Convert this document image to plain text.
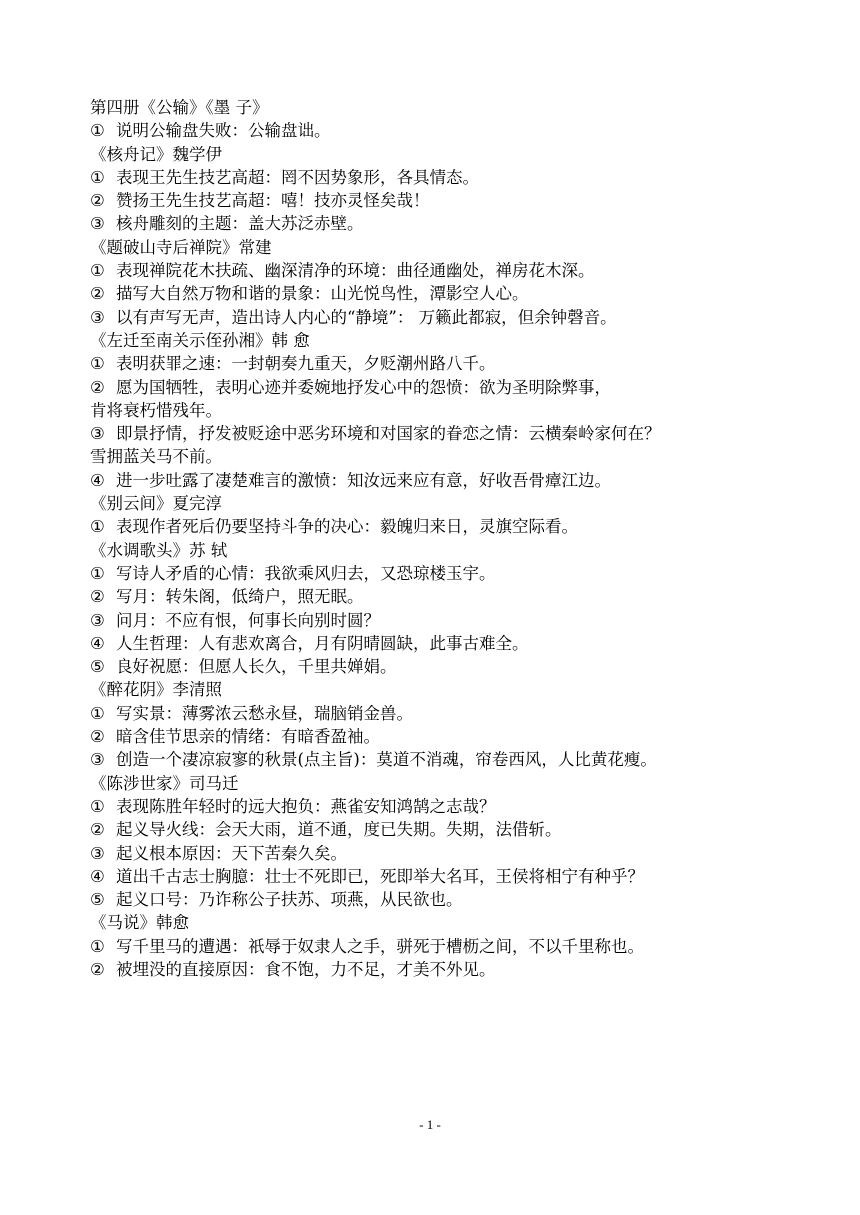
第四册《公输》《墨 子》
① 说明公输盘失败：公输盘诎。
《核舟记》魏学伊
① 表现王先生技艺高超：罔不因势象形，各具情态。
② 赞扬王先生技艺高超：嘻！技亦灵怪矣哉！
③ 核舟雕刻的主题：盖大苏泛赤壁。
《题破山寺后禅院》常建
① 表现禅院花木扶疏、幽深清净的环境：曲径通幽处，禅房花木深。
② 描写大自然万物和谐的景象：山光悦鸟性，潭影空人心。
③ 以有声写无声，造出诗人内心的“静境”： 万籁此都寂，但余钟磬音。
《左迁至南关示侄孙湘》韩 愈
① 表明获罪之速：一封朝奏九重天，夕贬潮州路八千。
② 愿为国牺牲，表明心迹并委婉地抒发心中的怨愤：欲为圣明除弊事，
肯将衰朽惜残年。
③ 即景抒情，抒发被贬途中恶劣环境和对国家的眷恋之情：云横秦岭家何在？
雪拥蓝关马不前。
④ 进一步吐露了凄楚难言的激愤：知汝远来应有意，好收吾骨瘴江边。
《别云间》夏完淳
① 表现作者死后仍要坚持斗争的决心：毅魄归来日，灵旗空际看。
《水调歌头》苏 轼
① 写诗人矛盾的心情：我欲乘风归去，又恐琼楼玉宇。
② 写月：转朱阁，低绮户，照无眠。
③ 问月：不应有恨，何事长向别时圆？
④ 人生哲理：人有悲欢离合，月有阴晴圆缺，此事古难全。
⑤ 良好祝愿：但愿人长久，千里共婵娟。
《醉花阴》李清照
① 写实景：薄雾浓云愁永昼，瑞脑销金兽。
② 暗含佳节思亲的情绪：有暗香盈袖。
③ 创造一个凄凉寂寥的秋景(点主旨)：莫道不消魂，帘卷西风，人比黄花瘦。
《陈涉世家》司马迁
① 表现陈胜年轻时的远大抱负：燕雀安知鸿鹄之志哉？
② 起义导火线：会天大雨，道不通，度已失期。失期，法借斩。
③ 起义根本原因：天下苦秦久矣。
④ 道出千古志士胸臆：壮士不死即已，死即举大名耳，王侯将相宁有种乎？
⑤ 起义口号：乃诈称公子扶苏、项燕，从民欲也。
《马说》韩愈
① 写千里马的遭遇：祇辱于奴隶人之手，骈死于槽枥之间，不以千里称也。
② 被埋没的直接原因：食不饱，力不足，才美不外见。
- 1 -
